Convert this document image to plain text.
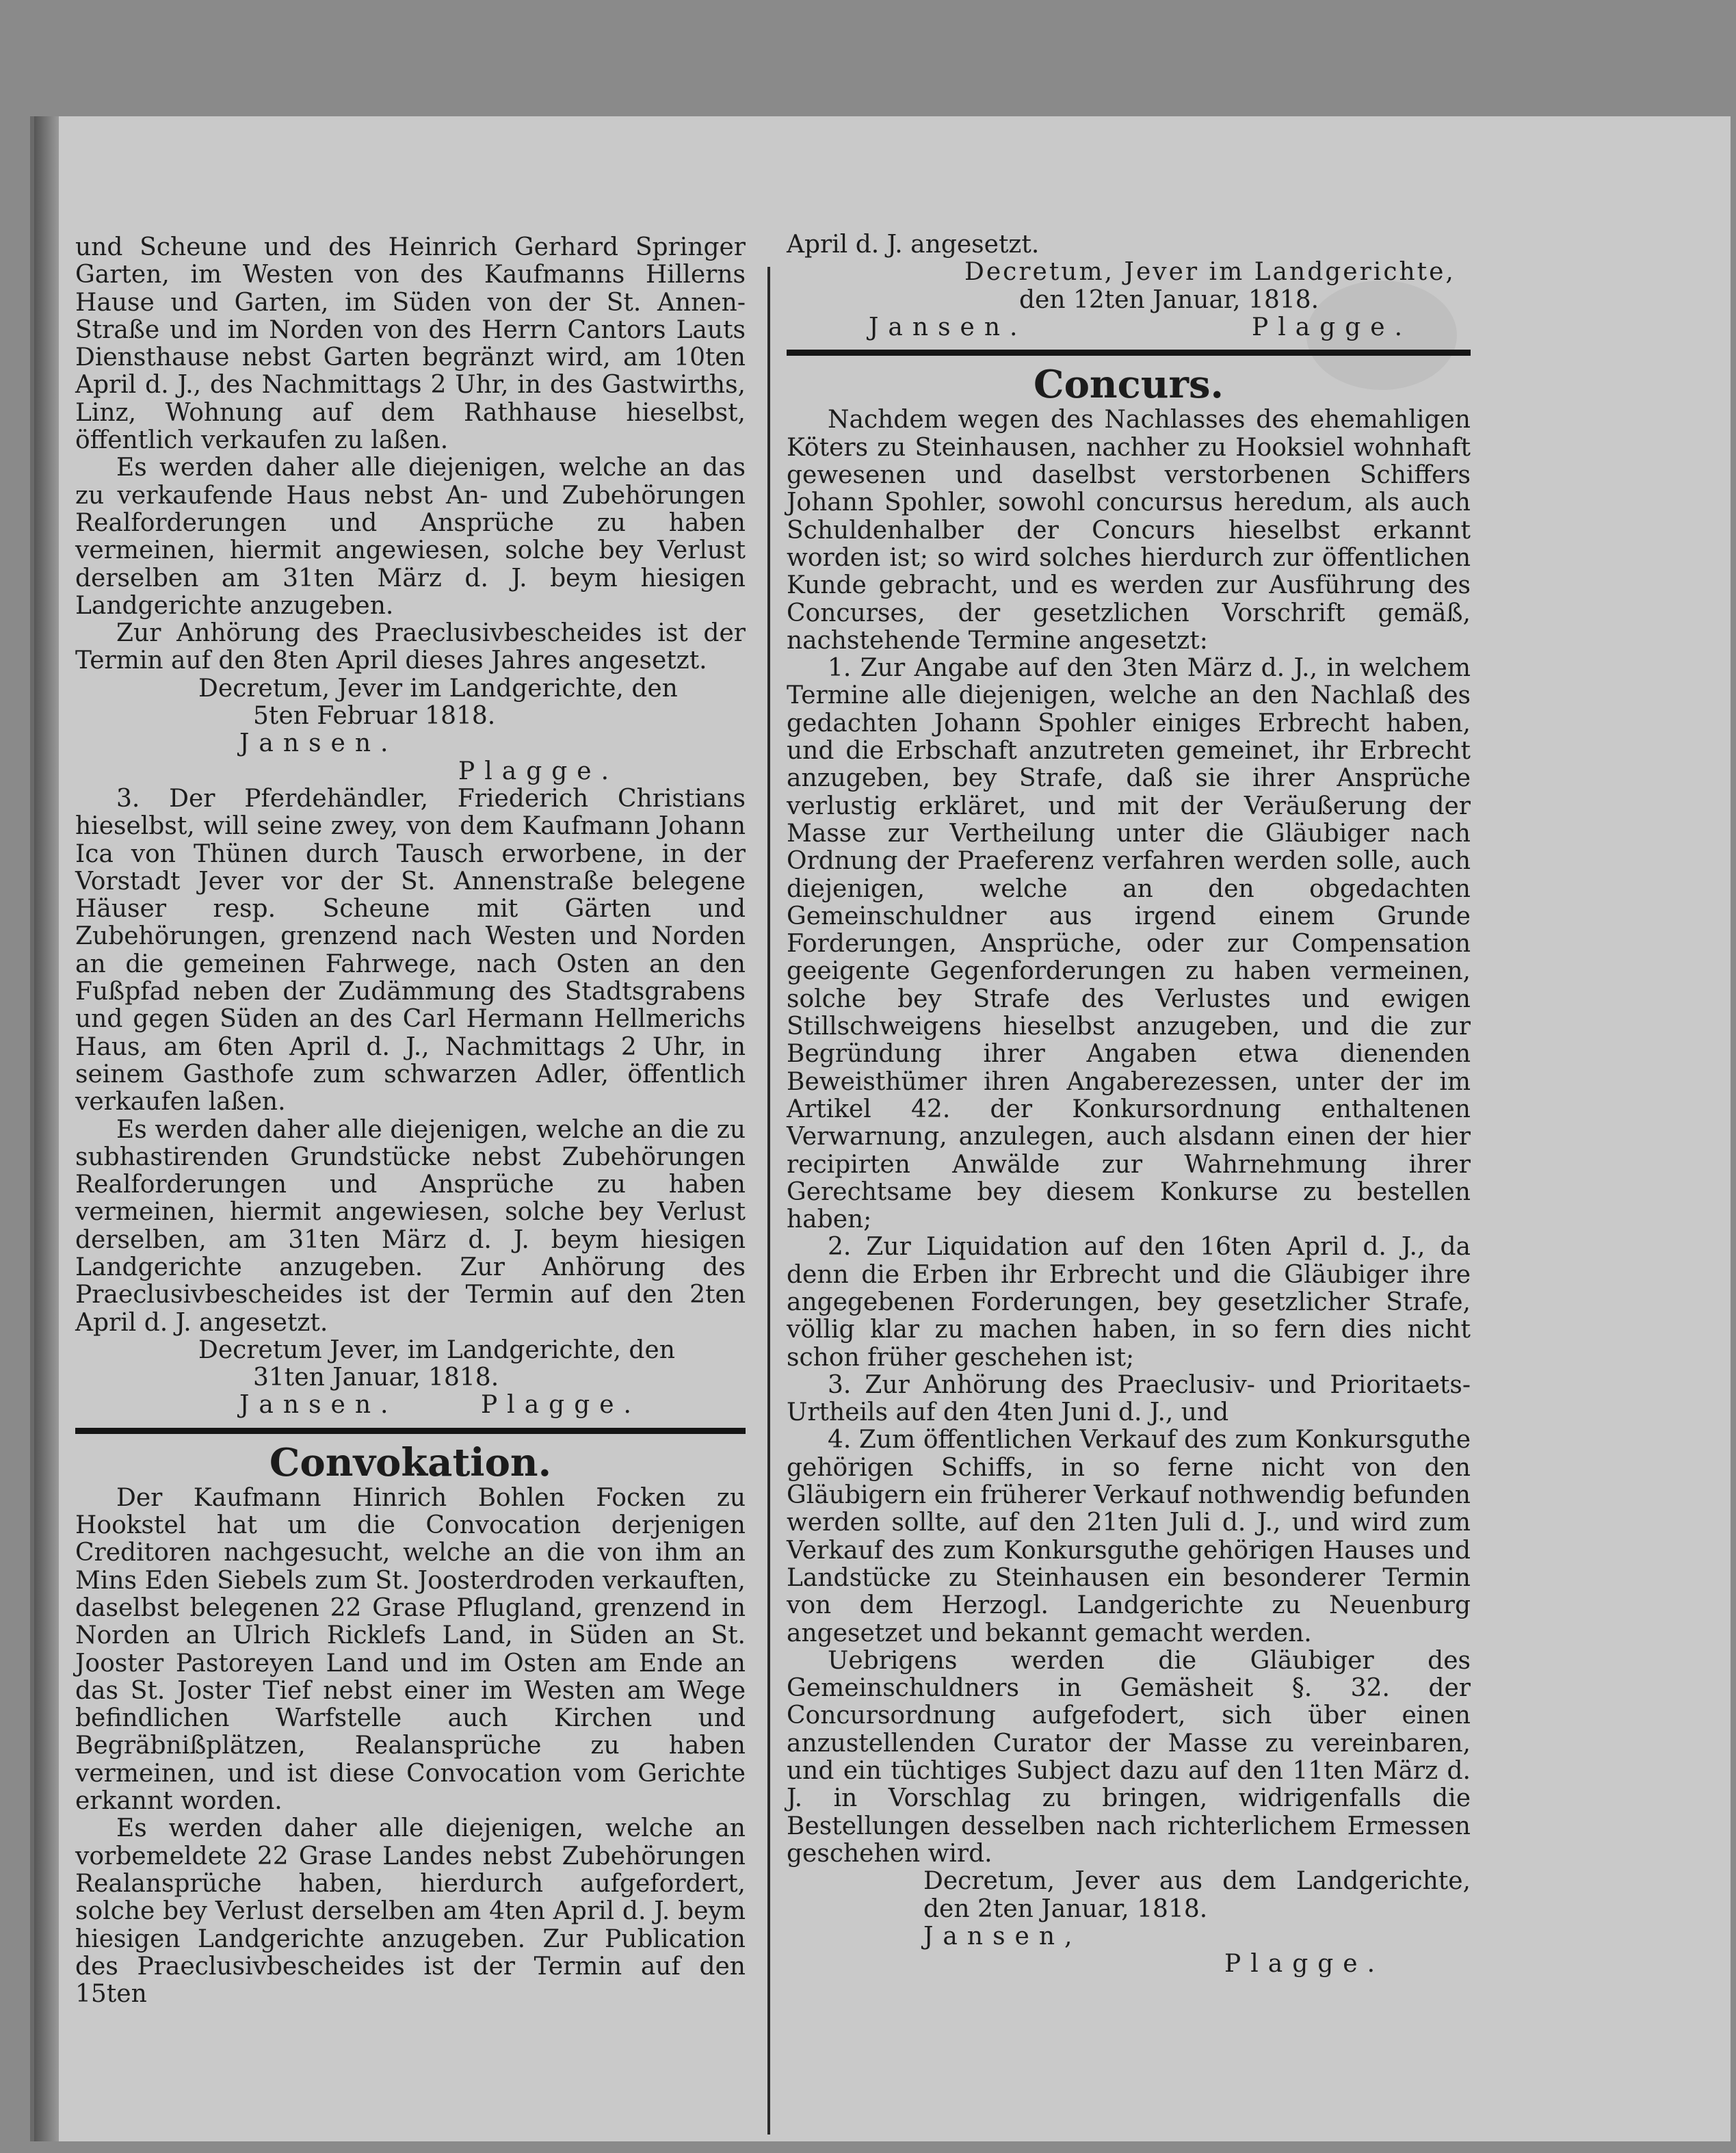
und Scheune und des Heinrich Gerhard Springer Garten, im Westen von des Kaufmanns Hillerns Hause und Garten, im Süden von der St. Annen-Straße und im Norden von des Herrn Cantors Lauts Diensthause nebst Garten begränzt wird, am 10ten April d. J., des Nachmittags 2 Uhr, in des Gastwirths, Linz, Wohnung auf dem Rathhause hieselbst, öffentlich verkaufen zu laßen.

Es werden daher alle diejenigen, welche an das zu verkaufende Haus nebst An- und Zubehörungen Realforderungen und Ansprüche zu haben vermeinen, hiermit angewiesen, solche bey Verlust derselben am 31ten März d. J. beym hiesigen Landgerichte anzugeben.

Zur Anhörung des Praeclusivbescheides ist der Termin auf den 8ten April dieses Jahres angesetzt.

Decretum, Jever im Landgerichte, den

5ten Februar 1818.

Jansen.

Plagge.

3. Der Pferdehändler, Friederich Christians hieselbst, will seine zwey, von dem Kaufmann Johann Ica von Thünen durch Tausch erworbene, in der Vorstadt Jever vor der St. Annenstraße belegene Häuser resp. Scheune mit Gärten und Zubehörungen, grenzend nach Westen und Norden an die gemeinen Fahrwege, nach Osten an den Fußpfad neben der Zudämmung des Stadtsgrabens und gegen Süden an des Carl Hermann Hellmerichs Haus, am 6ten April d. J., Nachmittags 2 Uhr, in seinem Gasthofe zum schwarzen Adler, öffentlich verkaufen laßen.

Es werden daher alle diejenigen, welche an die zu subhastirenden Grundstücke nebst Zubehörungen Realforderungen und Ansprüche zu haben vermeinen, hiermit angewiesen, solche bey Verlust derselben, am 31ten März d. J. beym hiesigen Landgerichte anzugeben. Zur Anhörung des Praeclusivbescheides ist der Termin auf den 2ten April d. J. angesetzt.

Decretum Jever, im Landgerichte, den

31ten Januar, 1818.

Jansen.	Plagge.

Convokation.

Der Kaufmann Hinrich Bohlen Focken zu Hookstel hat um die Convocation derjenigen Creditoren nachgesucht, welche an die von ihm an Mins Eden Siebels zum St. Joosterdroden verkauften, daselbst belegenen 22 Grase Pflugland, grenzend in Norden an Ulrich Ricklefs Land, in Süden an St. Jooster Pastoreyen Land und im Osten am Ende an das St. Joster Tief nebst einer im Westen am Wege befindlichen Warfstelle auch Kirchen und Begräbnißplätzen, Realansprüche zu haben vermeinen, und ist diese Convocation vom Gerichte erkannt worden.

Es werden daher alle diejenigen, welche an vorbemeldete 22 Grase Landes nebst Zubehörungen Realansprüche haben, hierdurch aufgefordert, solche bey Verlust derselben am 4ten April d. J. beym hiesigen Landgerichte anzugeben. Zur Publication des Praeclusivbescheides ist der Termin auf den 15ten

April d. J. angesetzt.

Decretum, Jever im Landgerichte,

den 12ten Januar, 1818.

Jansen.	Plagge.

Concurs.

Nachdem wegen des Nachlasses des ehemahligen Köters zu Steinhausen, nachher zu Hooksiel wohnhaft gewesenen und daselbst verstorbenen Schiffers Johann Spohler, sowohl concursus heredum, als auch Schuldenhalber der Concurs hieselbst erkannt worden ist; so wird solches hierdurch zur öffentlichen Kunde gebracht, und es werden zur Ausführung des Concurses, der gesetzlichen Vorschrift gemäß, nachstehende Termine angesetzt:

1. Zur Angabe auf den 3ten März d. J., in welchem Termine alle diejenigen, welche an den Nachlaß des gedachten Johann Spohler einiges Erbrecht haben, und die Erbschaft anzutreten gemeinet, ihr Erbrecht anzugeben, bey Strafe, daß sie ihrer Ansprüche verlustig erkläret, und mit der Veräußerung der Masse zur Vertheilung unter die Gläubiger nach Ordnung der Praeferenz verfahren werden solle, auch diejenigen, welche an den obgedachten Gemeinschuldner aus irgend einem Grunde Forderungen, Ansprüche, oder zur Compensation geeigente Gegenforderungen zu haben vermeinen, solche bey Strafe des Verlustes und ewigen Stillschweigens hieselbst anzugeben, und die zur Begründung ihrer Angaben etwa dienenden Beweisthümer ihren Angaberezessen, unter der im Artikel 42. der Konkursordnung enthaltenen Verwarnung, anzulegen, auch alsdann einen der hier recipirten Anwälde zur Wahrnehmung ihrer Gerechtsame bey diesem Konkurse zu bestellen haben;

2. Zur Liquidation auf den 16ten April d. J., da denn die Erben ihr Erbrecht und die Gläubiger ihre angegebenen Forderungen, bey gesetzlicher Strafe, völlig klar zu machen haben, in so fern dies nicht schon früher geschehen ist;

3. Zur Anhörung des Praeclusiv- und Prioritaets-Urtheils auf den 4ten Juni d. J., und

4. Zum öffentlichen Verkauf des zum Konkursguthe gehörigen Schiffs, in so ferne nicht von den Gläubigern ein früherer Verkauf nothwendig befunden werden sollte, auf den 21ten Juli d. J., und wird zum Verkauf des zum Konkursguthe gehörigen Hauses und Landstücke zu Steinhausen ein besonderer Termin von dem Herzogl. Landgerichte zu Neuenburg angesetzet und bekannt gemacht werden.

Uebrigens werden die Gläubiger des Gemeinschuldners in Gemäsheit §. 32. der Concursordnung aufgefodert, sich über einen anzustellenden Curator der Masse zu vereinbaren, und ein tüchtiges Subject dazu auf den 11ten März d. J. in Vorschlag zu bringen, widrigenfalls die Bestellungen desselben nach richterlichem Ermessen geschehen wird.

Decretum, Jever aus dem Landgerichte, den 2ten Januar, 1818.

Jansen,

Plagge.
